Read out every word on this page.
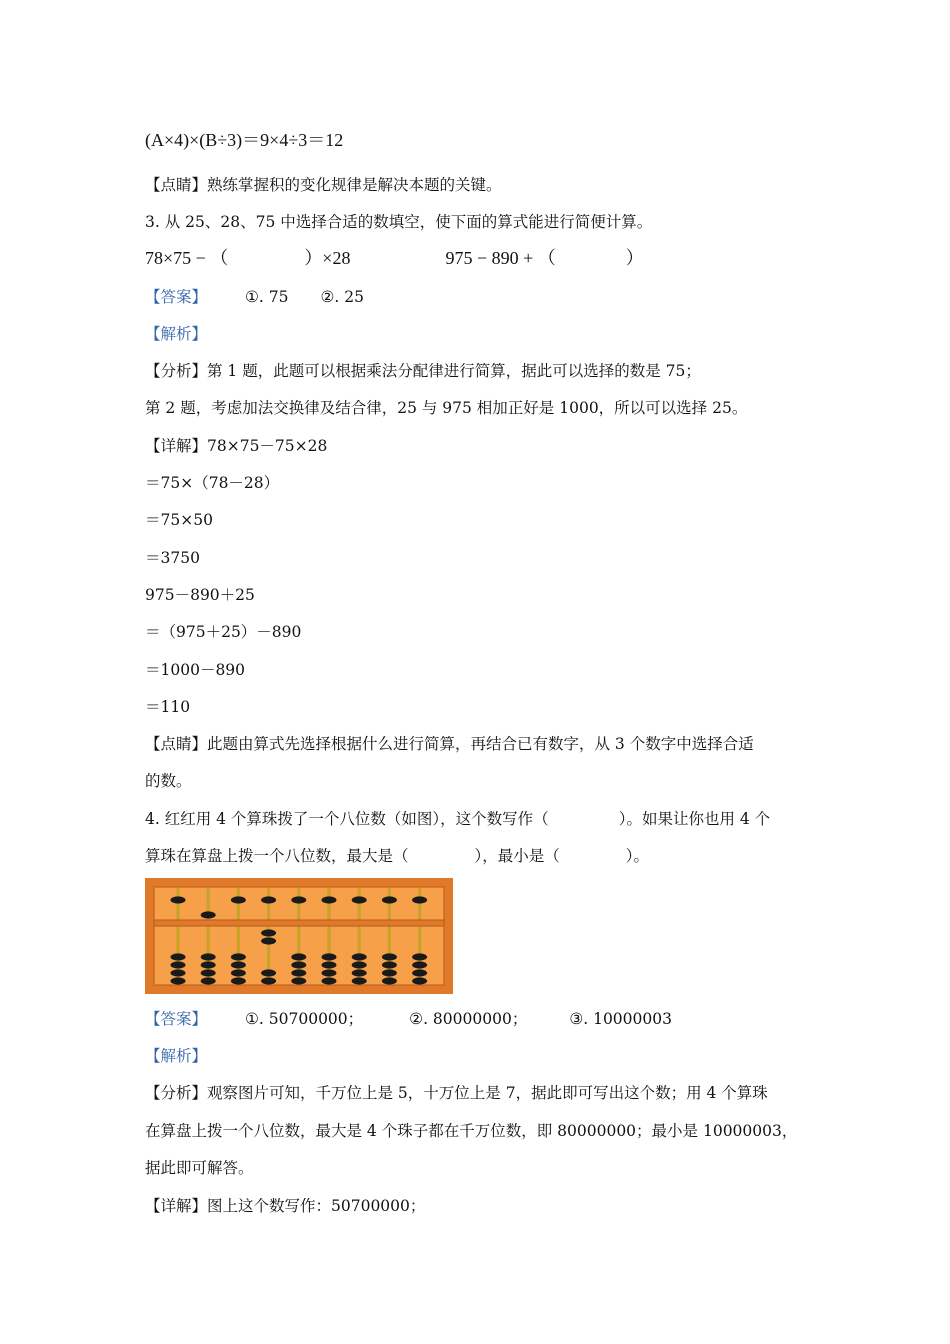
(A×4)×(B÷3)＝9×4÷3＝12
【点睛】熟练掌握积的变化规律是解决本题的关键。
3. 从 25、28、75 中选择合适的数填空，使下面的算式能进行简便计算。
78×75 − （	）×28	975 − 890 + （	）
【答案】 ①. 75 ②. 25
【解析】
【分析】第 1 题，此题可以根据乘法分配律进行简算，据此可以选择的数是 75；
第 2 题，考虑加法交换律及结合律，25 与 975 相加正好是 1000，所以可以选择 25。
【详解】78×75－75×28
＝75×（78－28）
＝75×50
＝3750
975－890＋25
＝（975＋25）－890
＝1000－890
＝110
【点睛】此题由算式先选择根据什么进行简算，再结合已有数字，从 3 个数字中选择合适
的数。
4. 红红用 4 个算珠拨了一个八位数（如图），这个数写作（	）。如果让你也用 4 个
算珠在算盘上拨一个八位数，最大是（	），最小是（	）。
【答案】 ①. 50700000；	②. 80000000；	③. 10000003
【解析】
【分析】观察图片可知，千万位上是 5，十万位上是 7，据此即可写出这个数；用 4 个算珠
在算盘上拨一个八位数，最大是 4 个珠子都在千万位数，即 80000000；最小是 10000003，
据此即可解答。
【详解】图上这个数写作：50700000；
